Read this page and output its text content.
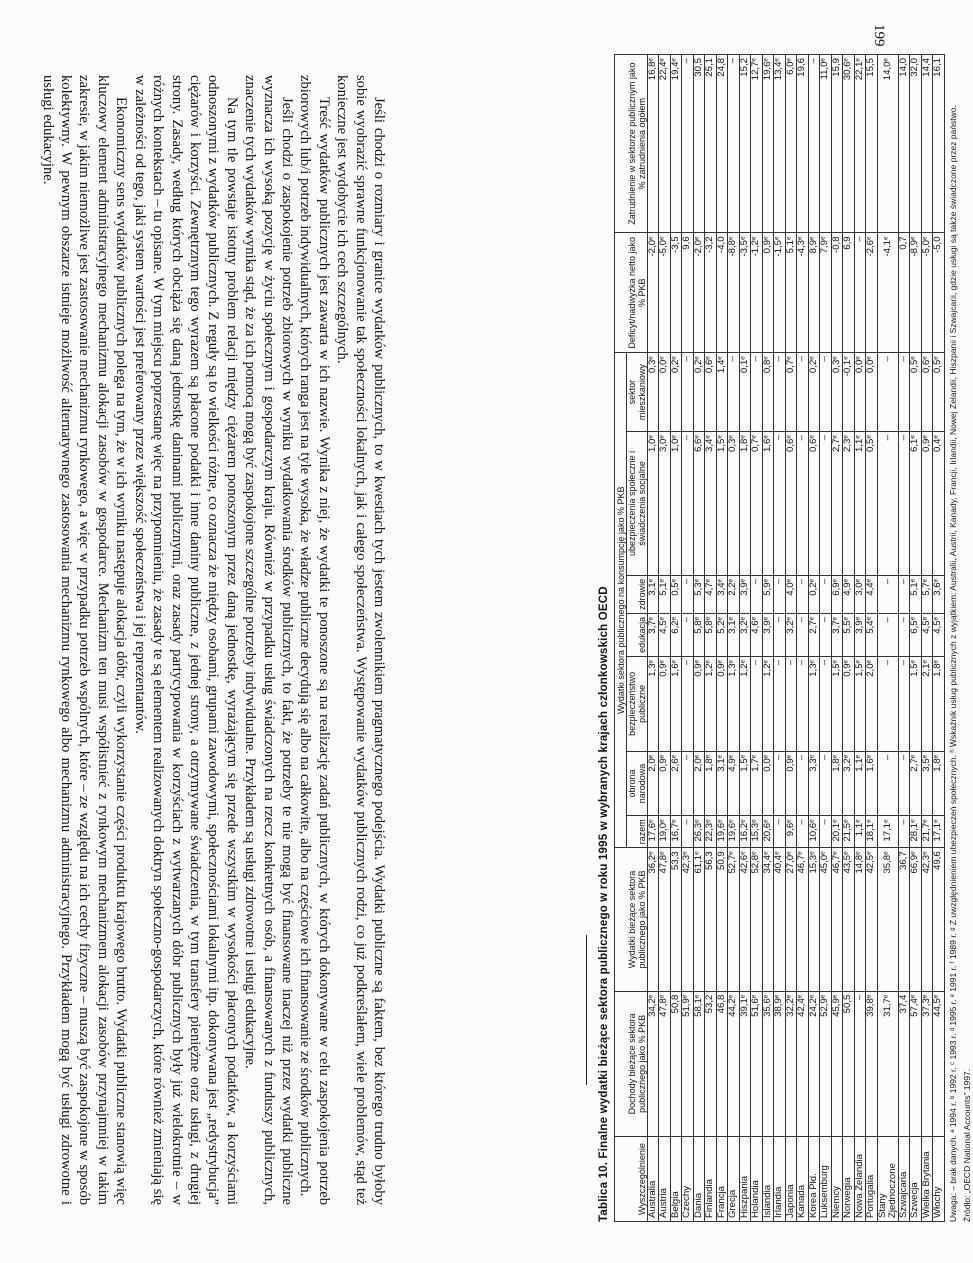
199
Tablica 10. Finalne wydatki bieżące sektora publicznego w roku 1995 w wybranych krajach członkowskich OECD	Wyszczególnienie	Dochody bieżące sektora publicznego jako % PKB	Wydatki bieżące sektora publicznego jako % PKB	Wydatki sektora publicznego na konsumpcję jako % PKB							Deficyt/nadwyżka netto jako % PKB	Zatrudnienie w sektorze publicznym jako % zatrudnienia ogółem
			razem	obrona narodowa	bezpieczeństwo publiczne	edukacja	zdrowie	ubezpieczenia społeczne i świadczenia socjalne	sektor mieszkaniowy		
Australia	34,2ᵉ	36,2ᵉ	17,6ᵉ	2,0ᵉ	1,3ᵉ	3,7ᵉ	3,1ᵉ	1,0ᵉ	0,3ᵉ	-2,0ᵉ	16,8ᵉ
Austria	47,8ᵉ	47,8ᵉ	19,0ᵉ	0,9ᵉ	0,9ᵉ	4,5ᵉ	5,1ᵉ	3,0ᵉ	0,0ᵉ	-5,0ᵉ	22,4ᵉ
Belgia	50,8	53,3	16,7ᵉ	2,6ᵉ	1,6ᵉ	6,2ᵉ	0,5ᵉ	1,0ᵉ	0,2ᵉ	-3,5	19,4ᵉ
Czechy	51,9ᵉ	42,3ᵉ	–	–	–	–	–	–	–	9,6	–
Dania	58,1ᵉ	61,1ᵉ	26,3ᵉ	2,0ᵉ	0,9ᵉ	5,8ᵉ	5,3ᵉ	6,6ᵉ	0,2ᵉ	-2,0ᵉ	30,5
Finlandia	53,2	56,3	22,3ᵉ	1,8ᵉ	1,2ᵉ	5,8ᵉ	4,7ᵉ	3,4ᵉ	0,6ᵉ	-3,2	25,1
Francja	46,8	50,9	19,6ᵉ	3,1ᵉ	0,9ᵉ	5,2ᵉ	3,4ᵉ	1,5ᵉ	1,4ᵉ	-4,0	24,8
Grecja	44,2ᵉ	52,7ᵉ	19,6ᵉ	4,9ᵉ	1,3ᵉ	3,1ᵉ	2,2ᵉ	0,3ᵉ	–	-8,8ᵉ	–
Hiszpania	39,1ᵉ	42,6ᵉ	16,2ᵉ	1,5ᵉ	1,2ᵉ	3,2ᵉ	3,9ᵉ	1,8ᵉ	0,1ᵉ	-3,5ᵉ	15,2
Holandia	51,6ᵉ	52,8ᵉ	15,3ᵉ	1,7ᵉ	–	4,6ᵉ	–	0,7ᵉ	–	-1,2ᵉ	12,7ᵉ
Islandia	35,6ᵉ	34,4ᵉ	20,6ᵉ	0,0ᵉ	1,2ᵉ	3,9ᵉ	5,9ᵉ	1,6ᵉ	0,8ᵉ	0,9ᵉ	19,6ᵉ
Irlandia	38,9ᵉ	40,4ᵉ	–	–	–	–	–	–	–	-1,5ᵉ	13,4ᵉ
Japonia	32,2ᵉ	27,0ᵉ	9,6ᵉ	0,9ᵉ	–	3,2ᵉ	4,0ᵉ	0,6ᵉ	0,7ᵉ	5,1ᵉ	6,0ᵉ
Kanada	42,4ᵉ	46,7ᵉ	–	–	–	–	–	–	–	-4,3ᵉ	19,6
Korea Płd.	24,2ᵉ	15,3ᵉ	10,6ᵉ	3,3ᵉ	1,3ᵉ	2,7ᵉ	0,2ᵉ	0,6ᵉ	0,2ᵉ	8,9ᵉ	–
Luksemburg	52,9ᵉ	45,0ᵉ	–	–	–	–	–	–	–	7,9ᵉ	11,0ᵉ
Niemcy	45,9ᵉ	46,7ᵉ	20,1ᵉ	1,8ᵉ	1,5ᵉ	3,7ᵉ	6,9ᵉ	2,7ᵉ	0,3ᵉ	-0,8	15,9
Norwegia	50,5	43,5ᵉ	21,5ᵉ	3,2ᵉ	0,9ᵉ	5,5ᵉ	4,9ᵉ	2,3ᵉ	-0,1ᵉ	6,9	30,6ᵉ
Nowa Zelandia	–	14,8ᵉ	1,1ᵉ	1,1ᵉ	1,5ᵉ	3,9ᵉ	3,0ᵉ	1,1ᵉ	0,0ᵉ	–	22,1ᵉ
Portugalia	39,8ᵉ	42,5ᵉ	18,1ᵉ	1,6ᵉ	2,0ᵉ	5,4ᵉ	4,4ᵉ	0,5ᵉ	0,0ᵉ	-2,6ᵉ	15,5
Stany Zjednoczone	31,7ᵉ	35,8ᵉ	17,1ᵉ	–	–	–	–	–	–	-4,1ᵉ	14,0ᵉ
Szwajcaria	37,4	36,7	–	–	–	–	–	–	–	0,7	14,0
Szwecja	57,4ᵉ	66,9ᵉ	28,1ᵉ	2,7ᵉ	1,5ᵉ	6,5ᵉ	5,1ᵉ	6,1ᵉ	0,5ᵉ	-8,9ᵉ	32,0
Wielka Brytania	37,3ᵉ	42,3ᵉ	21,7ᵉ	3,5ᵉ	2,1ᵉ	4,5ᵉ	5,7ᵉ	0,9ᵉ	0,6ᵉ	-5,0ᵉ	14,4
Włochy	44,5ᵉ	49,6	17,1ᵉ	1,8ᵉ	1,8ᵉ	4,5ᵉ	3,6ᵉ	0,4ᵉ	0,5ᵉ	-5,0	16,1
Uwaga: – brak danych. ᵃ 1994 r. ᵇ 1992 r. ᶜ 1993 r. ᵈ 1995 r. ᵉ 1991 r. ᶠ 1989 r. ᵍ Z uwzględnieniem ubezpieczeń społecznych. ʰ Wskaźnik usług publicznych z wyjątkiem: Australii, Austrii, Kanady, Francji, Irlandii, Nowej Zelandii, Hiszpanii i Szwajcarii, gdzie usługi są także świadczone przez państwo. Źródło: „OECD National Accounts” 1997.

Jeśli chodzi o rozmiary i granice wydatków publicznych, to w kwestiach tych jestem zwolennikiem pragmatycznego podejścia. Wydatki publiczne są faktem, bez którego trudno byłoby sobie wyobrazić sprawne funkcjonowanie tak społeczności lokalnych, jak i całego społeczeństwa. Występowanie wydatków publicznych rodzi, co już podkreślałem, wiele problemów, stąd też konieczne jest wydobycie ich cech szczególnych.

Treść wydatków publicznych jest zawarta w ich nazwie. Wynika z niej, że wydatki te ponoszone są na realizację zadań publicznych, w których dokonywane w celu zaspokojenia potrzeb zbiorowych lub/i potrzeb indywidualnych, których ranga jest na tyle wysoka, że władze publiczne decydują się albo na całkowite, albo na częściowe ich finansowanie ze środków publicznych.

Jeśli chodzi o zaspokojenie potrzeb zbiorowych w wyniku wydatkowania środków publicznych, to fakt, że potrzeby te nie mogą być finansowane inaczej niż przez wydatki publiczne wyznacza ich wysoką pozycję w życiu społecznym i gospodarczym kraju. Również w przypadku usług świadczonych na rzecz konkretnych osób, a finansowanych z funduszy publicznych, znaczenie tych wydatków wynika stąd, że za ich pomocą mogą być zaspokojone szczególne potrzeby indywidualne. Przykładem są usługi zdrowotne i usługi edukacyjne.

Na tym tle powstaje istotny problem relacji między ciężarem ponoszonym przez daną jednostkę, wyrażającym się przede wszystkim w wysokości płaconych podatków, a korzyściami odnoszonymi z wydatków publicznych. Z reguły są to wielkości różne, co oznacza że między osobami, grupami zawodowymi, społecznościami lokalnymi itp. dokonywana jest „redystrybucja” ciężarów i korzyści. Zewnętrznym tego wyrazem są płacone podatki i inne daniny publiczne, z jednej strony, a otrzymywane świadczenia, w tym transfery pieniężne oraz usługi, z drugiej strony. Zasady, według których obciąża się daną jednostkę daninami publicznymi, oraz zasady partycypowania w korzyściach z wytwarzanych dóbr publicznych były już wielokrotnie – w różnych kontekstach – tu opisane. W tym miejscu poprzestanę więc na przypomnieniu, że zasady te są elementem realizowanych doktryn społeczno-gospodarczych, które również zmieniają się w zależności od tego, jaki system wartości jest preferowany przez większość społeczeństwa i jej reprezentantów.

Ekonomiczny sens wydatków publicznych polega na tym, że w ich wyniku następuje alokacja dóbr, czyli wykorzystanie części produktu krajowego brutto. Wydatki publiczne stanowią więc kluczowy element administracyjnego mechanizmu alokacji zasobów w gospodarce. Mechanizm ten musi współistnieć z rynkowym mechanizmem alokacji zasobów przynajmniej w takim zakresie, w jakim niemożliwe jest zastosowanie mechanizmu rynkowego, a więc w przypadku potrzeb wspólnych, które – ze względu na ich cechy fizyczne – muszą być zaspokojone w sposób kolektywny. W pewnym obszarze istnieje możliwość alternatywnego zastosowania mechanizmu rynkowego albo mechanizmu administracyjnego. Przykładem mogą być usługi zdrowotne i usługi edukacyjne.
